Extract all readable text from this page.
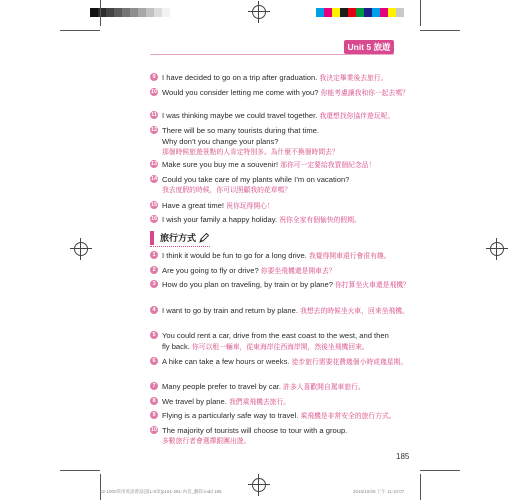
Unit 5 旅遊
9 I have decided to go on a trip after graduation. 我決定畢業後去旅行。
10 Would you consider letting me come with you? 你能考慮讓我和你一起去嗎？
11 I was thinking maybe we could travel together. 我還想找你協伴遊玩呢。
12 There will be so many tourists during that time.
Why don’t you change your plans?
那個時候旅遊景點的人肯定特別多。為什麼不換個時間去？
13 Make sure you buy me a souvenir! 那你可一定要給我買個紀念品！
14 Could you take care of my plants while I’m on vacation?
我去度假的時候，你可以照顧我的花草嗎？
15 Have a great time! 祝你玩得開心！
16 I wish your family a happy holiday. 祝你全家有個愉快的假期。
旅行方式
1 I think it would be fun to go for a long drive. 我覺得開車遠行會很有趣。
2 Are you going to fly or drive? 你要坐飛機還是開車去？
3 How do you plan on traveling, by train or by plane? 你打算坐火車還是飛機？
4 I want to go by train and return by plane. 我想去的時候坐火車，回來坐飛機。
5 You could rent a car, drive from the east coast to the west, and then
fly back. 你可以租一輛車，從東海岸往西海岸開，然後坐飛機回來。
6 A hike can take a few hours or weeks. 徒步旅行需要花費幾個小時或幾星期。
7 Many people prefer to travel by car. 許多人喜歡開自駕車旅行。
8 We travel by plane. 我們乘飛機去旅行。
9 Flying is a particularly safe way to travel. 乘飛機是非常安全的旅行方式。
10 The majority of tourists will choose to tour with a group.
多數旅行者會選擇跟團出遊。
185
02-1000常用英語會話(第1-8章)p161-281-內頁_翻印.indd 185	2015/10/26 上午 11:10:07
